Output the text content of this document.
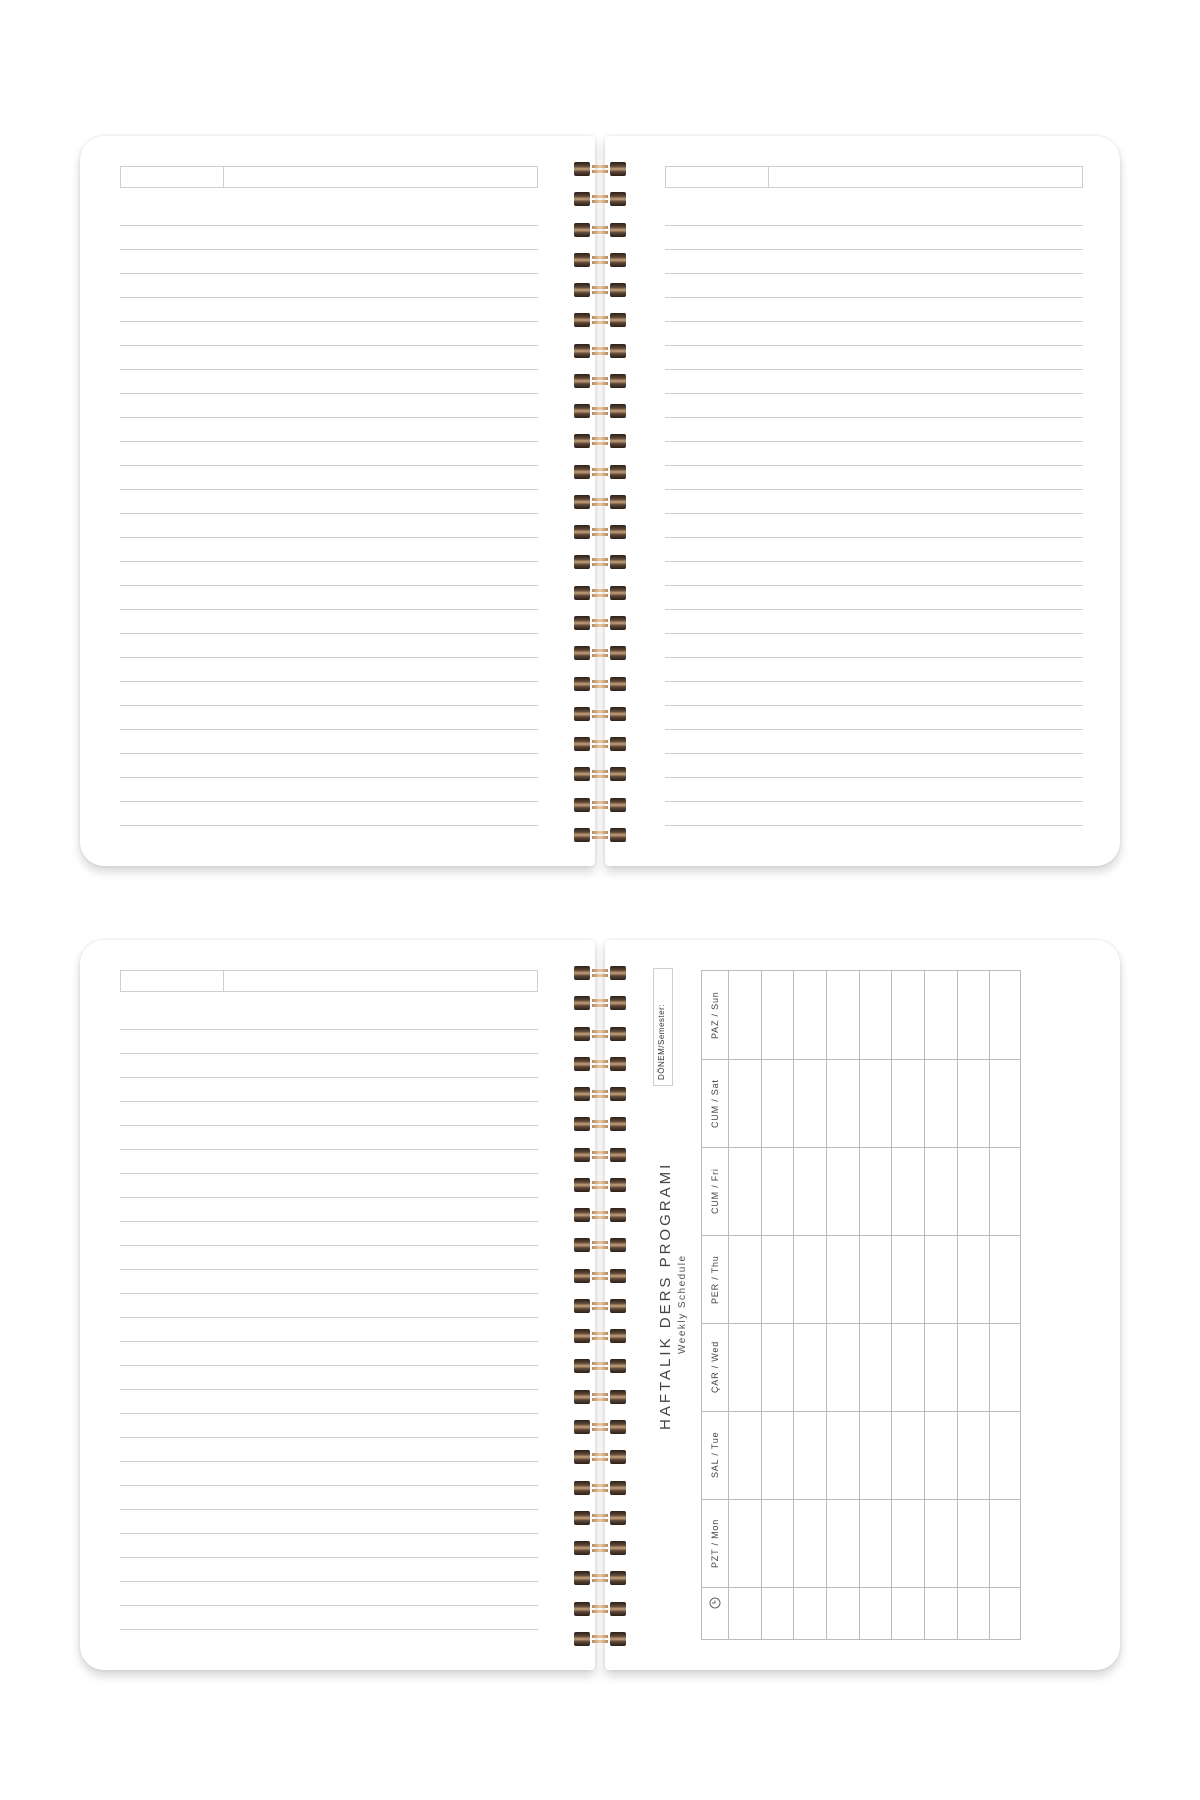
DÖNEM/Semester:
HAFTALIK DERS PROGRAMI Weekly Schedule
PZT / Mon
SAL / Tue
ÇAR / Wed
PER / Thu
CUM / Fri
CUM / Sat
PAZ / Sun
